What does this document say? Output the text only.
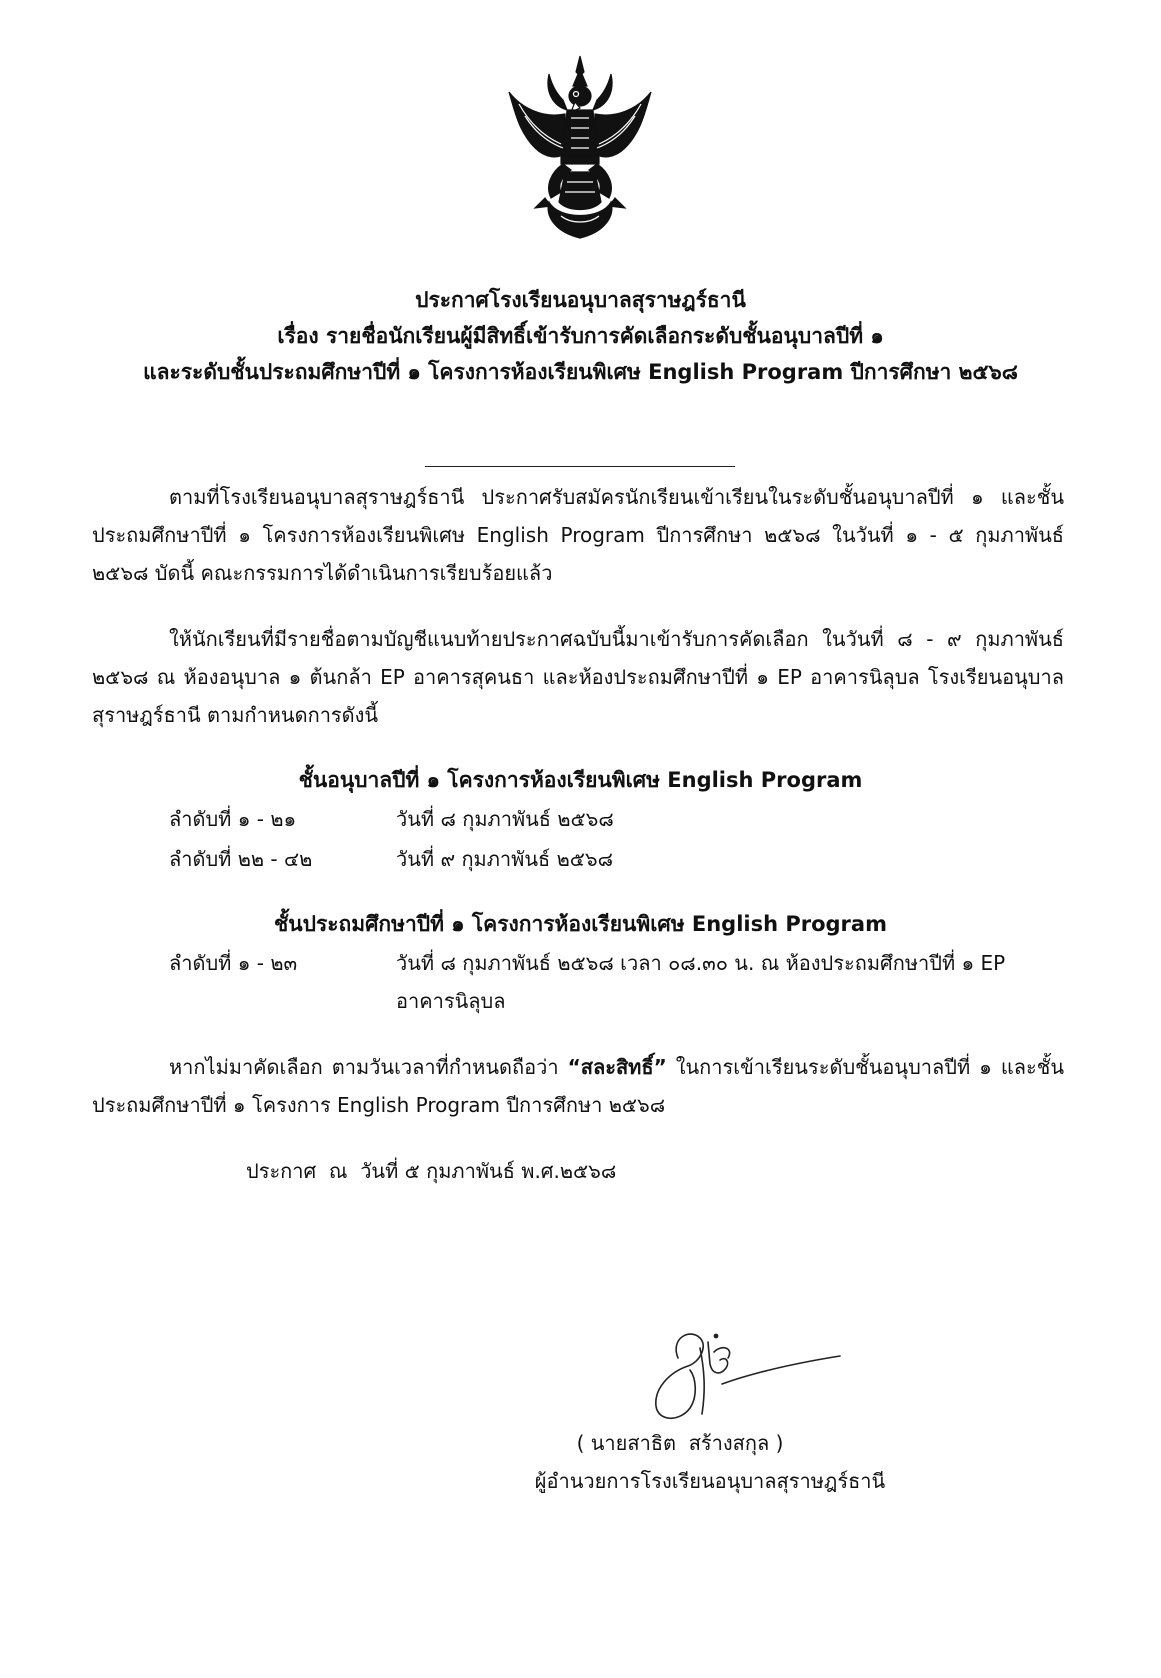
ประกาศโรงเรียนอนุบาลสุราษฎร์ธานี
เรื่อง รายชื่อนักเรียนผู้มีสิทธิ์เข้ารับการคัดเลือกระดับชั้นอนุบาลปีที่ ๑
และระดับชั้นประถมศึกษาปีที่ ๑ โครงการห้องเรียนพิเศษ English Program ปีการศึกษา ๒๕๖๘
ตามที่โรงเรียนอนุบาลสุราษฎร์ธานี ประกาศรับสมัครนักเรียนเข้าเรียนในระดับชั้นอนุบาลปีที่ ๑ และชั้นประถมศึกษาปีที่ ๑ โครงการห้องเรียนพิเศษ English Program ปีการศึกษา ๒๕๖๘ ในวันที่ ๑ - ๕ กุมภาพันธ์ ๒๕๖๘ บัดนี้ คณะกรรมการได้ดำเนินการเรียบร้อยแล้ว
ให้นักเรียนที่มีรายชื่อตามบัญชีแนบท้ายประกาศฉบับนี้มาเข้ารับการคัดเลือก ในวันที่ ๘ - ๙ กุมภาพันธ์ ๒๕๖๘ ณ ห้องอนุบาล ๑ ต้นกล้า EP อาคารสุคนธา และห้องประถมศึกษาปีที่ ๑ EP อาคารนิลุบล โรงเรียนอนุบาลสุราษฎร์ธานี ตามกำหนดการดังนี้
ชั้นอนุบาลปีที่ ๑ โครงการห้องเรียนพิเศษ English Program
ลำดับที่ ๑ - ๒๑	วันที่ ๘ กุมภาพันธ์ ๒๕๖๘
ลำดับที่ ๒๒ - ๔๒	วันที่ ๙ กุมภาพันธ์ ๒๕๖๘
ชั้นประถมศึกษาปีที่ ๑ โครงการห้องเรียนพิเศษ English Program
ลำดับที่ ๑ - ๒๓	วันที่ ๘ กุมภาพันธ์ ๒๕๖๘ เวลา ๐๘.๓๐ น. ณ ห้องประถมศึกษาปีที่ ๑ EP อาคารนิลุบล
หากไม่มาคัดเลือก ตามวันเวลาที่กำหนดถือว่า “สละสิทธิ์” ในการเข้าเรียนระดับชั้นอนุบาลปีที่ ๑ และชั้นประถมศึกษาปีที่ ๑ โครงการ English Program ปีการศึกษา ๒๕๖๘
ประกาศ  ณ  วันที่ ๕ กุมภาพันธ์ พ.ศ.๒๕๖๘
( นายสาธิต  สร้างสกุล )
ผู้อำนวยการโรงเรียนอนุบาลสุราษฎร์ธานี
